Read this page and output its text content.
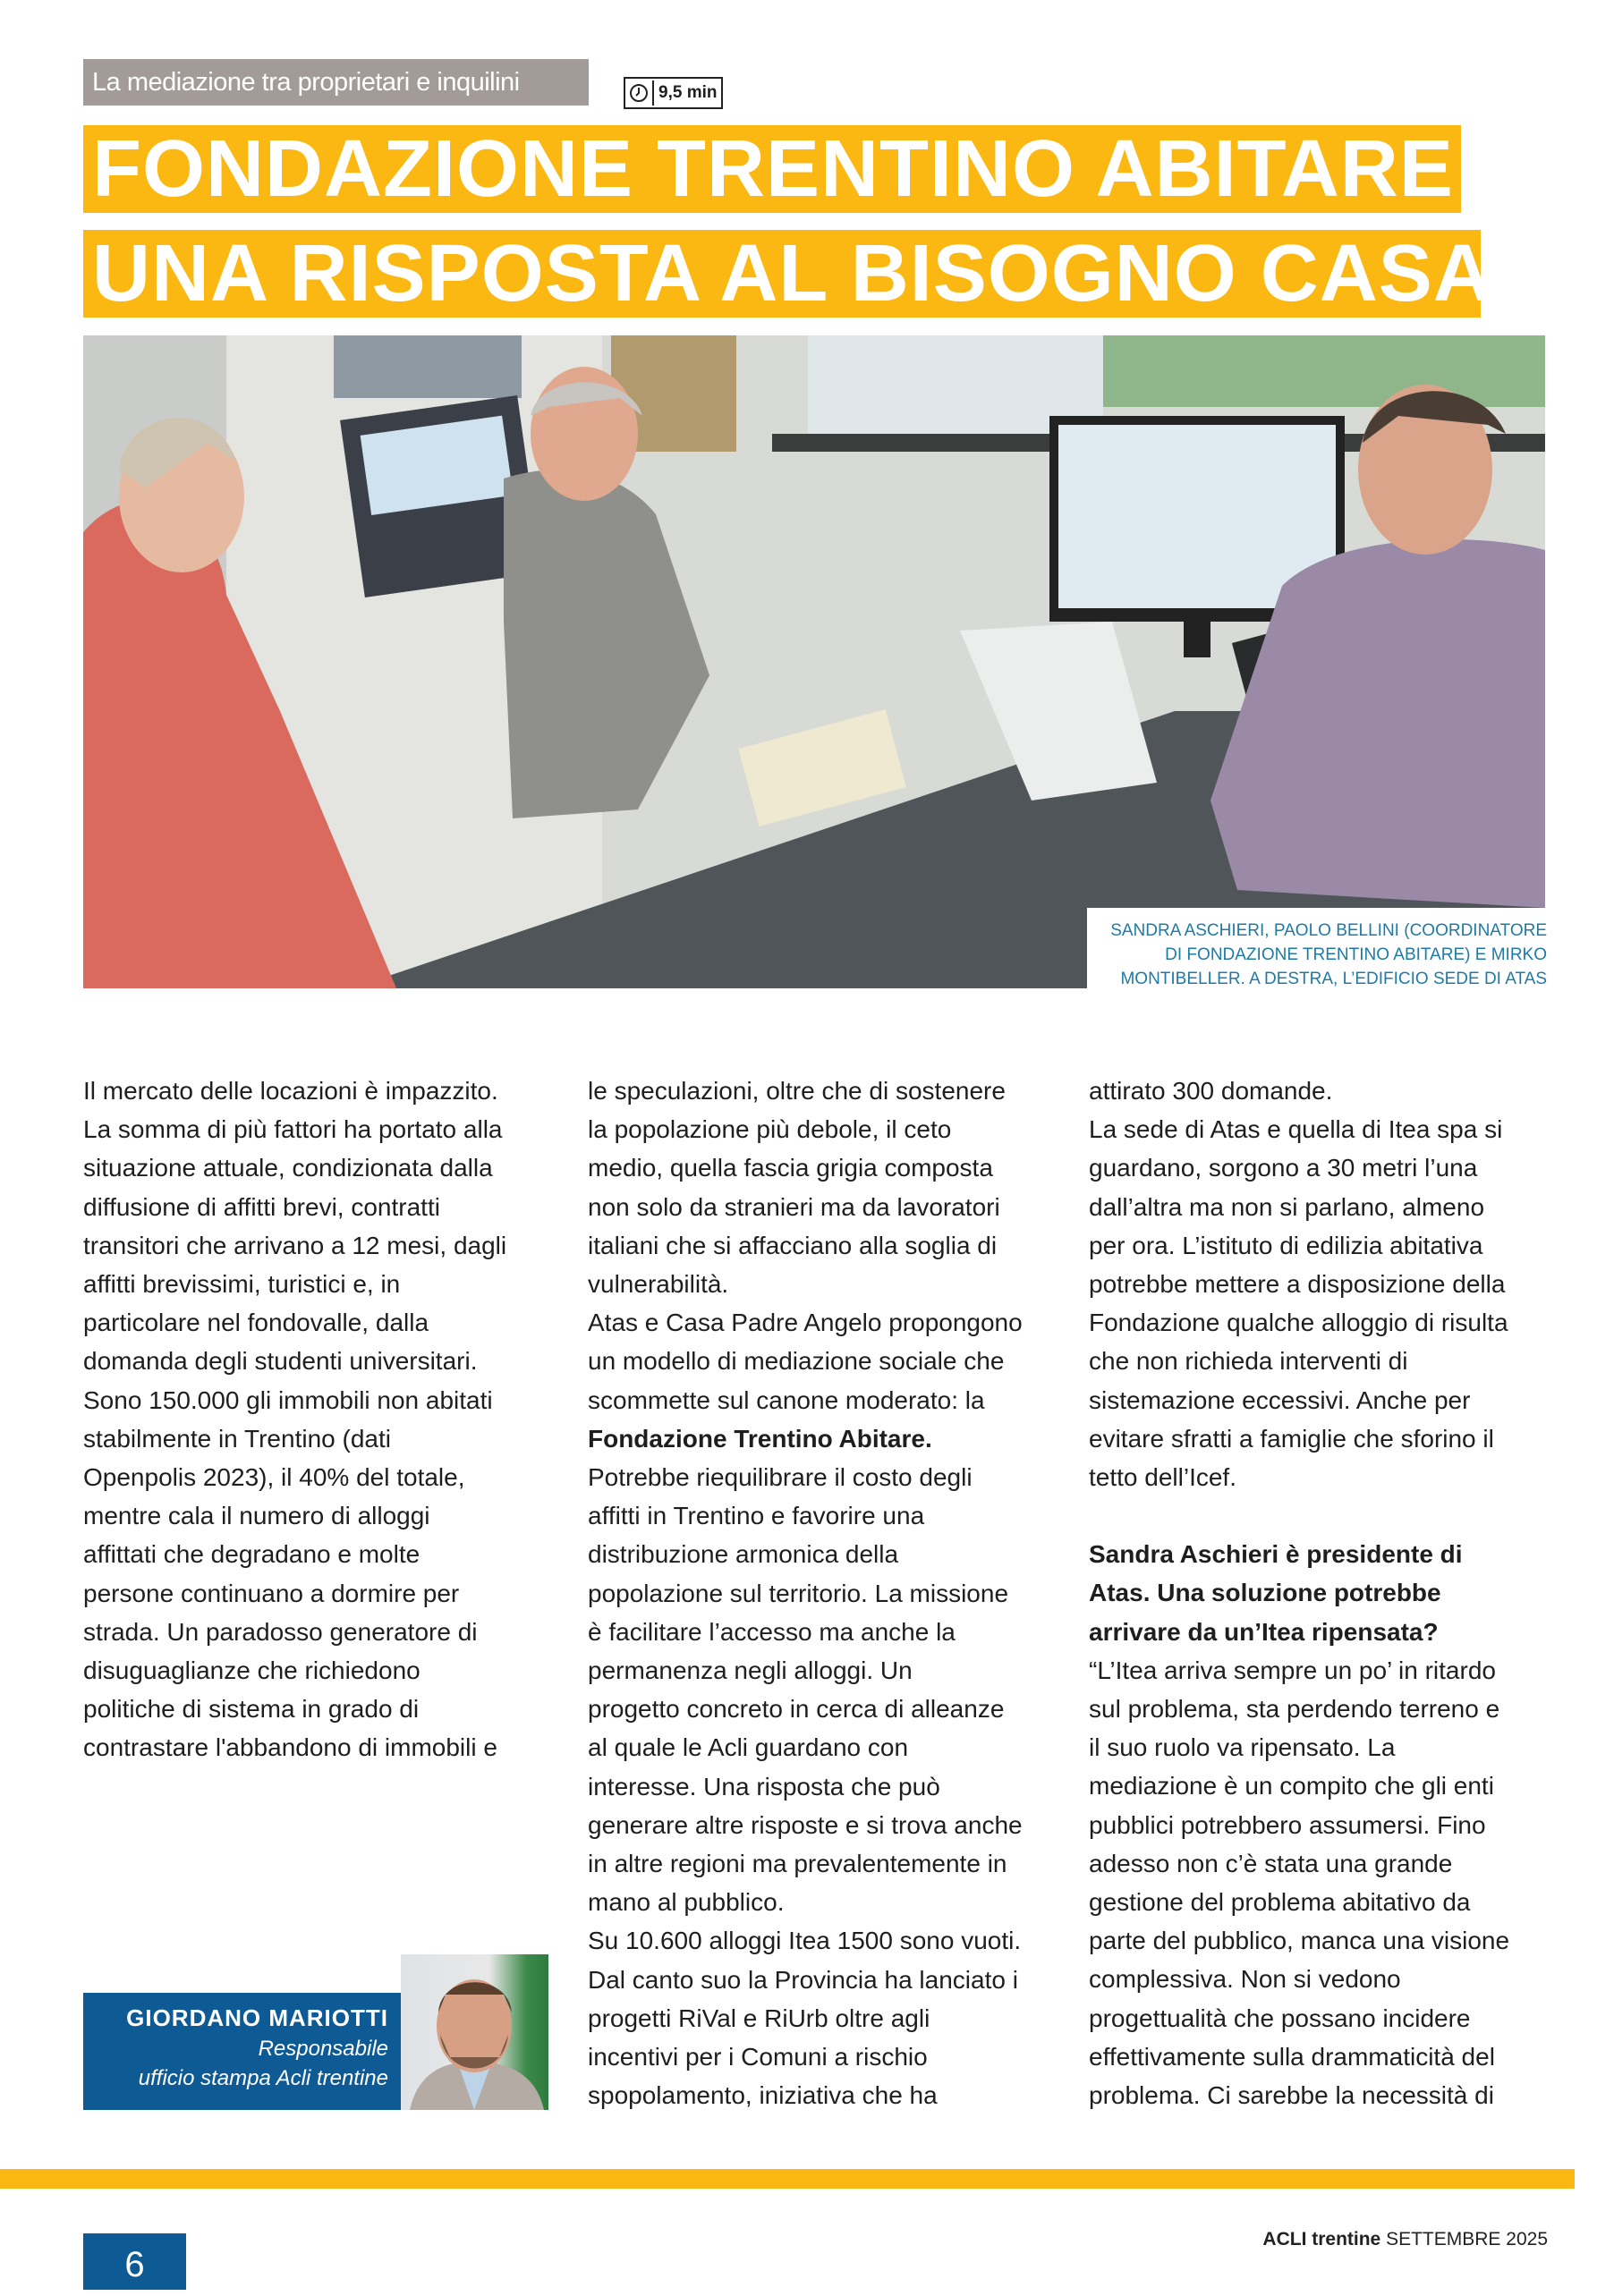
La mediazione tra proprietari e inquilini	9,5 min
FONDAZIONE TRENTINO ABITARE
UNA RISPOSTA AL BISOGNO CASA
SANDRA ASCHIERI, PAOLO BELLINI (COORDINATORE
DI FONDAZIONE TRENTINO ABITARE) E MIRKO
MONTIBELLER. A DESTRA, L’EDIFICIO SEDE DI ATAS
Il mercato delle locazioni è impazzito.
La somma di più fattori ha portato alla
situazione attuale, condizionata dalla
diffusione di affitti brevi, contratti
transitori che arrivano a 12 mesi, dagli
affitti brevissimi, turistici e, in
particolare nel fondovalle, dalla
domanda degli studenti universitari.
Sono 150.000 gli immobili non abitati
stabilmente in Trentino (dati
Openpolis 2023), il 40% del totale,
mentre cala il numero di alloggi
affittati che degradano e molte
persone continuano a dormire per
strada. Un paradosso generatore di
disuguaglianze che richiedono
politiche di sistema in grado di
contrastare l'abbandono di immobili e
le speculazioni, oltre che di sostenere
la popolazione più debole, il ceto
medio, quella fascia grigia composta
non solo da stranieri ma da lavoratori
italiani che si affacciano alla soglia di
vulnerabilità.
Atas e Casa Padre Angelo propongono
un modello di mediazione sociale che
scommette sul canone moderato: la
Fondazione Trentino Abitare.
Potrebbe riequilibrare il costo degli
affitti in Trentino e favorire una
distribuzione armonica della
popolazione sul territorio. La missione
è facilitare l’accesso ma anche la
permanenza negli alloggi. Un
progetto concreto in cerca di alleanze
al quale le Acli guardano con
interesse. Una risposta che può
generare altre risposte e si trova anche
in altre regioni ma prevalentemente in
mano al pubblico.
Su 10.600 alloggi Itea 1500 sono vuoti.
Dal canto suo la Provincia ha lanciato i
progetti RiVal e RiUrb oltre agli
incentivi per i Comuni a rischio
spopolamento, iniziativa che ha
attirato 300 domande.
La sede di Atas e quella di Itea spa si
guardano, sorgono a 30 metri l’una
dall’altra ma non si parlano, almeno
per ora. L’istituto di edilizia abitativa
potrebbe mettere a disposizione della
Fondazione qualche alloggio di risulta
che non richieda interventi di
sistemazione eccessivi. Anche per
evitare sfratti a famiglie che sforino il
tetto dell’Icef.
Sandra Aschieri è presidente di
Atas. Una soluzione potrebbe
arrivare da un’Itea ripensata?
“L’Itea arriva sempre un po’ in ritardo
sul problema, sta perdendo terreno e
il suo ruolo va ripensato. La
mediazione è un compito che gli enti
pubblici potrebbero assumersi. Fino
adesso non c’è stata una grande
gestione del problema abitativo da
parte del pubblico, manca una visione
complessiva. Non si vedono
progettualità che possano incidere
effettivamente sulla drammaticità del
problema. Ci sarebbe la necessità di
GIORDANO MARIOTTI
Responsabile
ufficio stampa Acli trentine
6
ACLI trentine SETTEMBRE 2025
